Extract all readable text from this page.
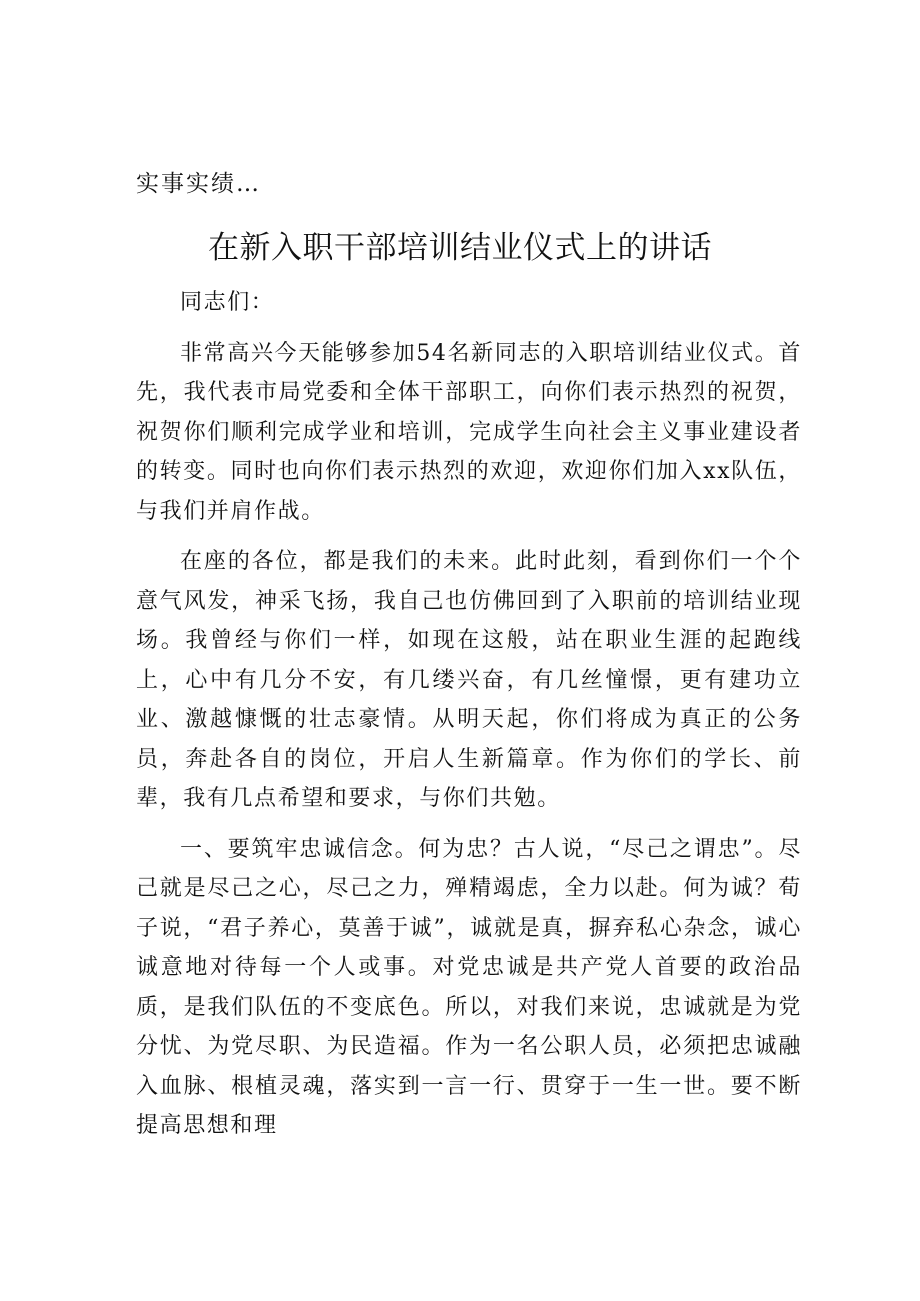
实事实绩…
在新入职干部培训结业仪式上的讲话

同志们：

非常高兴今天能够参加54名新同志的入职培训结业仪式。首先，我代表市局党委和全体干部职工，向你们表示热烈的祝贺，祝贺你们顺利完成学业和培训，完成学生向社会主义事业建设者的转变。同时也向你们表示热烈的欢迎，欢迎你们加入xx队伍，与我们并肩作战。

在座的各位，都是我们的未来。此时此刻，看到你们一个个意气风发，神采飞扬，我自己也仿佛回到了入职前的培训结业现场。我曾经与你们一样，如现在这般，站在职业生涯的起跑线上，心中有几分不安，有几缕兴奋，有几丝憧憬，更有建功立业、激越慷慨的壮志豪情。从明天起，你们将成为真正的公务员，奔赴各自的岗位，开启人生新篇章。作为你们的学长、前辈，我有几点希望和要求，与你们共勉。

一、要筑牢忠诚信念。何为忠？古人说，“尽己之谓忠”。尽己就是尽己之心，尽己之力，殚精竭虑，全力以赴。何为诚？荀子说，“君子养心，莫善于诚”，诚就是真，摒弃私心杂念，诚心诚意地对待每一个人或事。对党忠诚是共产党人首要的政治品质，是我们队伍的不变底色。所以，对我们来说，忠诚就是为党分忧、为党尽职、为民造福。作为一名公职人员，必须把忠诚融入血脉、根植灵魂，落实到一言一行、贯穿于一生一世。要不断提高思想和理
